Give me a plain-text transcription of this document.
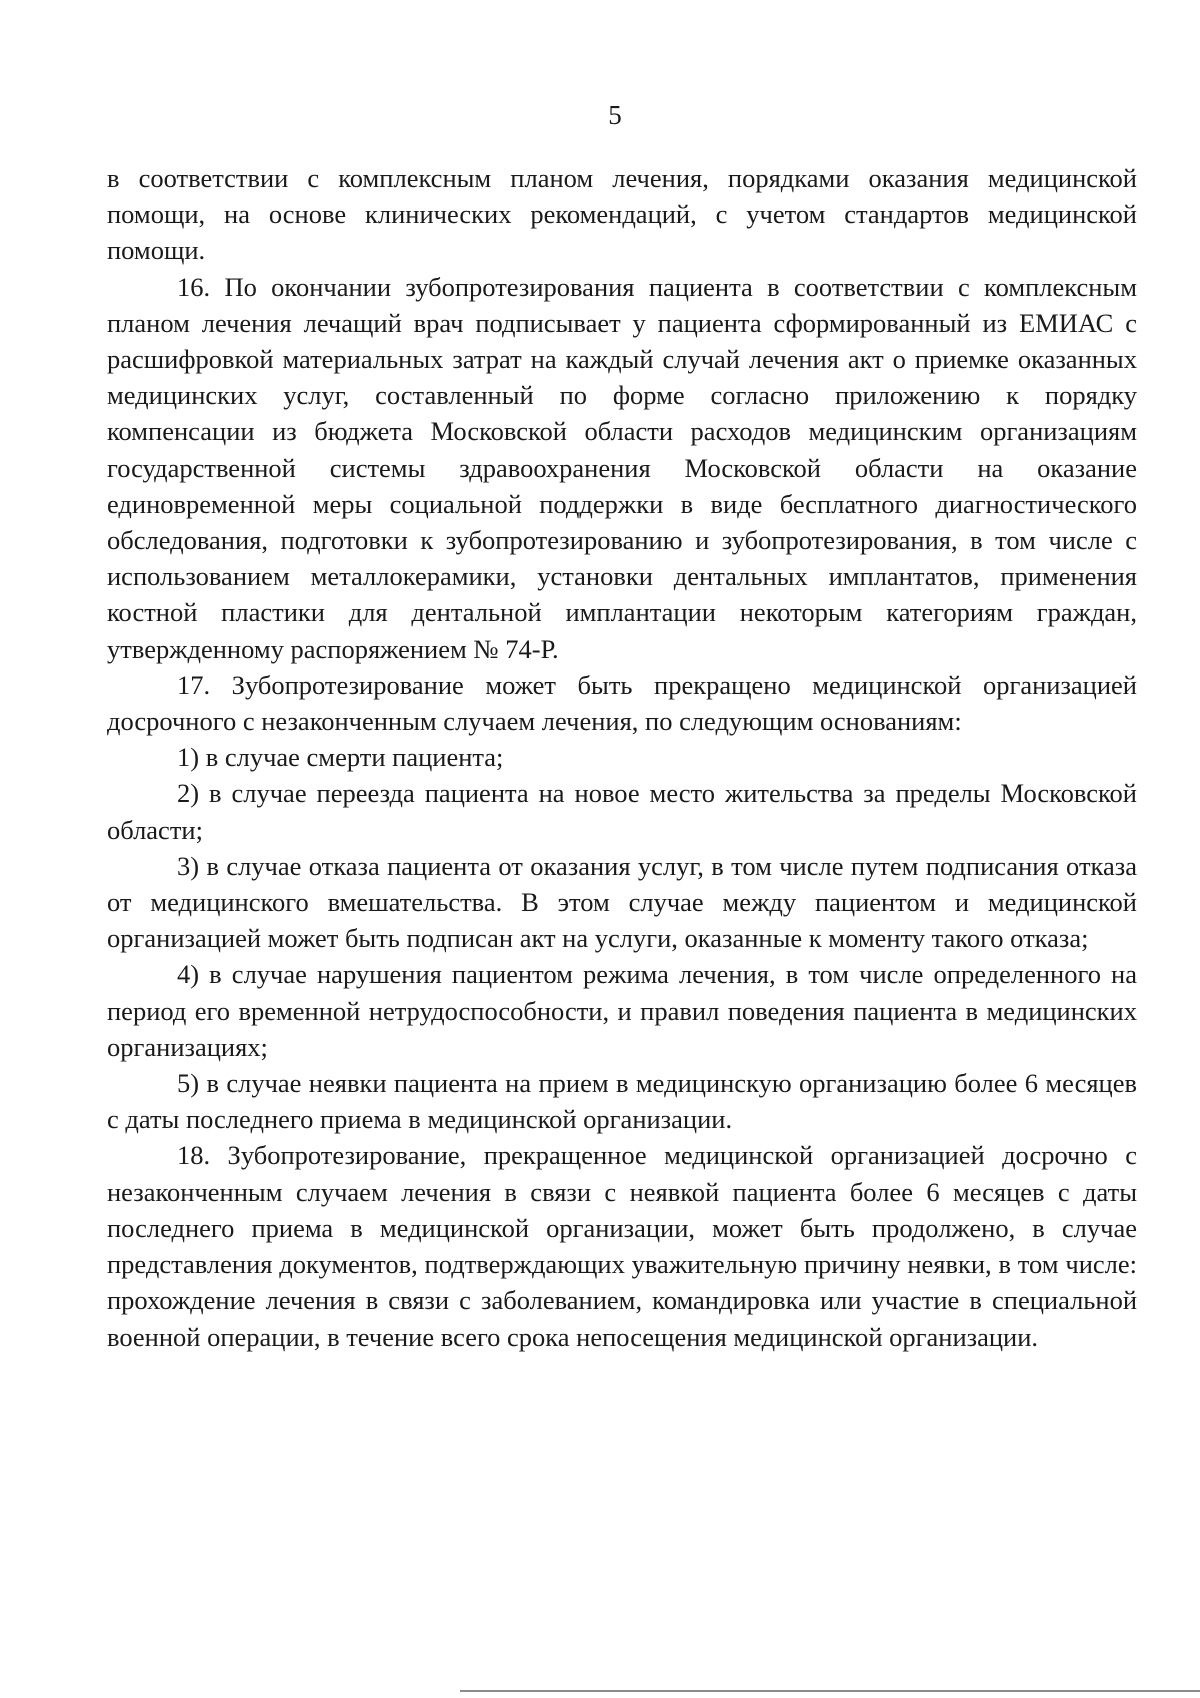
5

в соответствии с комплексным планом лечения, порядками оказания медицинской помощи, на основе клинических рекомендаций, с учетом стандартов медицинской помощи.

16. По окончании зубопротезирования пациента в соответствии с комплексным планом лечения лечащий врач подписывает у пациента сформированный из ЕМИАС с расшифровкой материальных затрат на каждый случай лечения акт о приемке оказанных медицинских услуг, составленный по форме согласно приложению к порядку компенсации из бюджета Московской области расходов медицинским организациям государственной системы здравоохранения Московской области на оказание единовременной меры социальной поддержки в виде бесплатного диагностического обследования, подготовки к зубопротезированию и зубопротезирования, в том числе с использованием металлокерамики, установки дентальных имплантатов, применения костной пластики для дентальной имплантации некоторым категориям граждан, утвержденному распоряжением № 74-Р.

17. Зубопротезирование может быть прекращено медицинской организацией досрочного с незаконченным случаем лечения, по следующим основаниям:

1) в случае смерти пациента;

2) в случае переезда пациента на новое место жительства за пределы Московской области;

3) в случае отказа пациента от оказания услуг, в том числе путем подписания отказа от медицинского вмешательства. В этом случае между пациентом и медицинской организацией может быть подписан акт на услуги, оказанные к моменту такого отказа;

4) в случае нарушения пациентом режима лечения, в том числе определенного на период его временной нетрудоспособности, и правил поведения пациента в медицинских организациях;

5) в случае неявки пациента на прием в медицинскую организацию более 6 месяцев с даты последнего приема в медицинской организации.

18. Зубопротезирование, прекращенное медицинской организацией досрочно с незаконченным случаем лечения в связи с неявкой пациента более 6 месяцев с даты последнего приема в медицинской организации, может быть продолжено, в случае представления документов, подтверждающих уважительную причину неявки, в том числе: прохождение лечения в связи с заболеванием, командировка или участие в специальной военной операции, в течение всего срока непосещения медицинской организации.
